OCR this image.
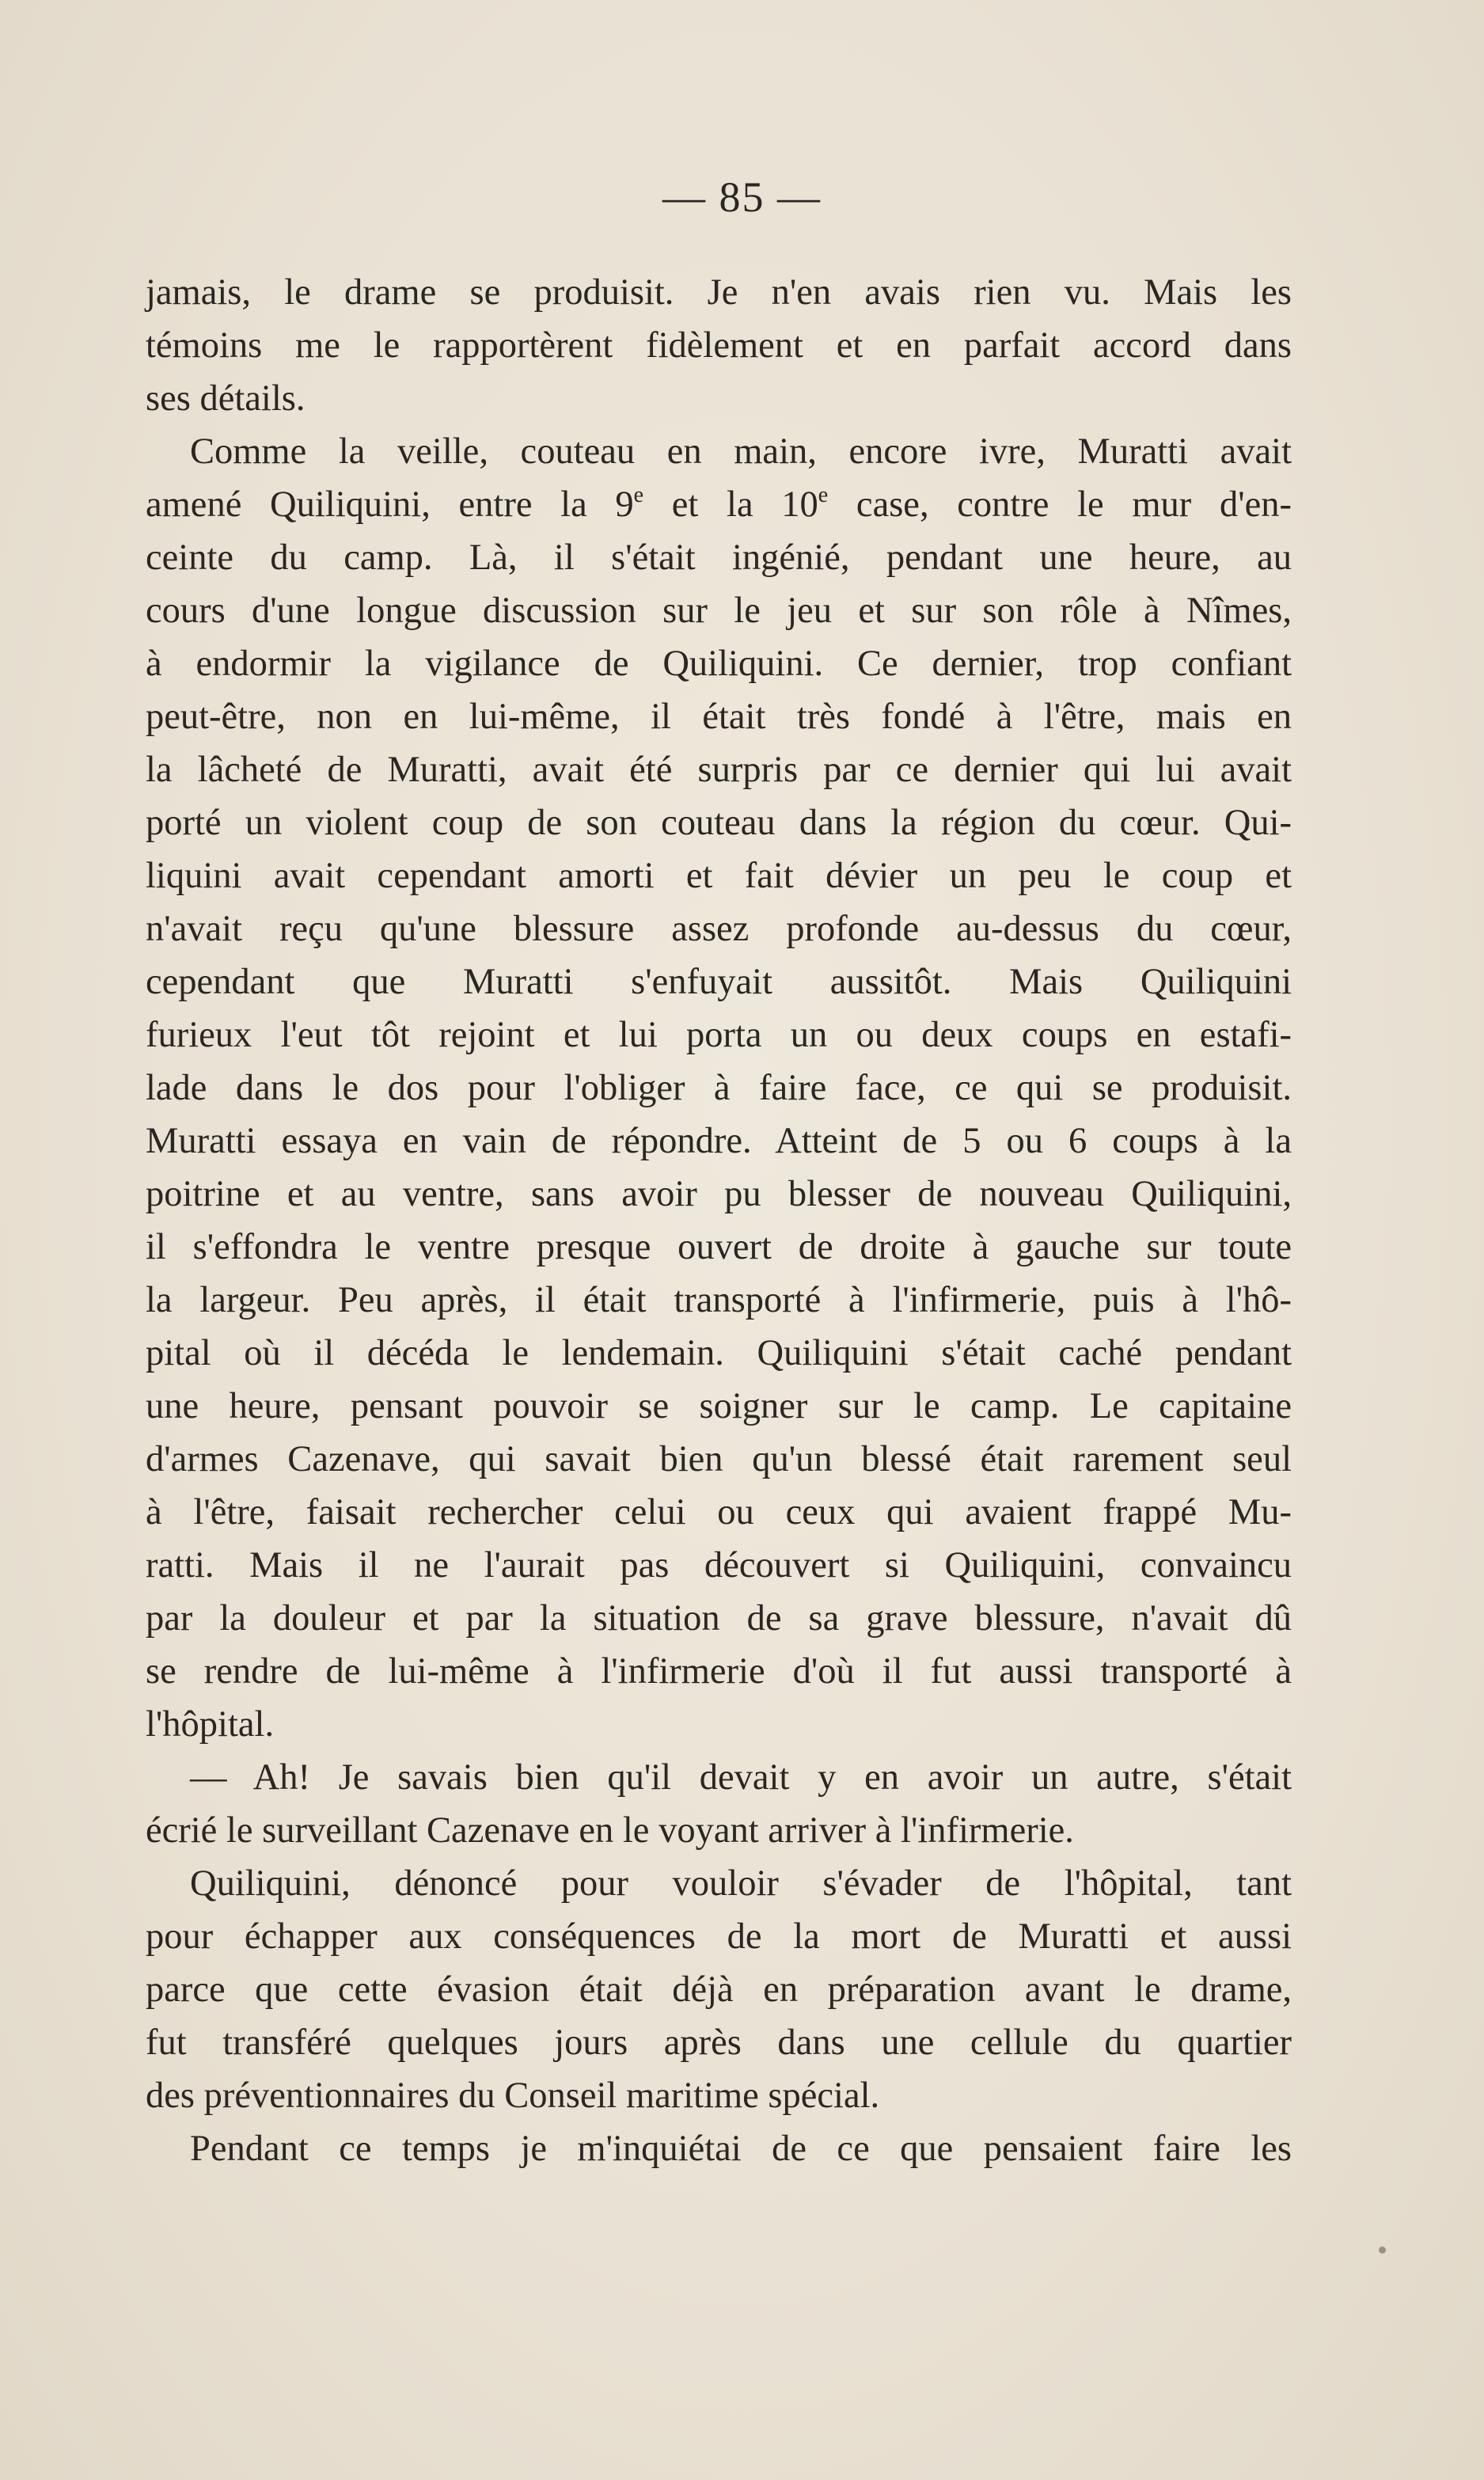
— 85 —
jamais, le drame se produisit. Je n'en avais rien vu. Mais les
témoins me le rapportèrent fidèlement et en parfait accord dans
ses détails.
Comme la veille, couteau en main, encore ivre, Muratti avait
amené Quiliquini, entre la 9e et la 10e case, contre le mur d'en-
ceinte du camp. Là, il s'était ingénié, pendant une heure, au
cours d'une longue discussion sur le jeu et sur son rôle à Nîmes,
à endormir la vigilance de Quiliquini. Ce dernier, trop confiant
peut-être, non en lui-même, il était très fondé à l'être, mais en
la lâcheté de Muratti, avait été surpris par ce dernier qui lui avait
porté un violent coup de son couteau dans la région du cœur. Qui-
liquini avait cependant amorti et fait dévier un peu le coup et
n'avait reçu qu'une blessure assez profonde au-dessus du cœur,
cependant que Muratti s'enfuyait aussitôt. Mais Quiliquini
furieux l'eut tôt rejoint et lui porta un ou deux coups en estafi-
lade dans le dos pour l'obliger à faire face, ce qui se produisit.
Muratti essaya en vain de répondre. Atteint de 5 ou 6 coups à la
poitrine et au ventre, sans avoir pu blesser de nouveau Quiliquini,
il s'effondra le ventre presque ouvert de droite à gauche sur toute
la largeur. Peu après, il était transporté à l'infirmerie, puis à l'hô-
pital où il décéda le lendemain. Quiliquini s'était caché pendant
une heure, pensant pouvoir se soigner sur le camp. Le capitaine
d'armes Cazenave, qui savait bien qu'un blessé était rarement seul
à l'être, faisait rechercher celui ou ceux qui avaient frappé Mu-
ratti. Mais il ne l'aurait pas découvert si Quiliquini, convaincu
par la douleur et par la situation de sa grave blessure, n'avait dû
se rendre de lui-même à l'infirmerie d'où il fut aussi transporté à
l'hôpital.
— Ah! Je savais bien qu'il devait y en avoir un autre, s'était
écrié le surveillant Cazenave en le voyant arriver à l'infirmerie.
Quiliquini, dénoncé pour vouloir s'évader de l'hôpital, tant
pour échapper aux conséquences de la mort de Muratti et aussi
parce que cette évasion était déjà en préparation avant le drame,
fut transféré quelques jours après dans une cellule du quartier
des préventionnaires du Conseil maritime spécial.
Pendant ce temps je m'inquiétai de ce que pensaient faire les
